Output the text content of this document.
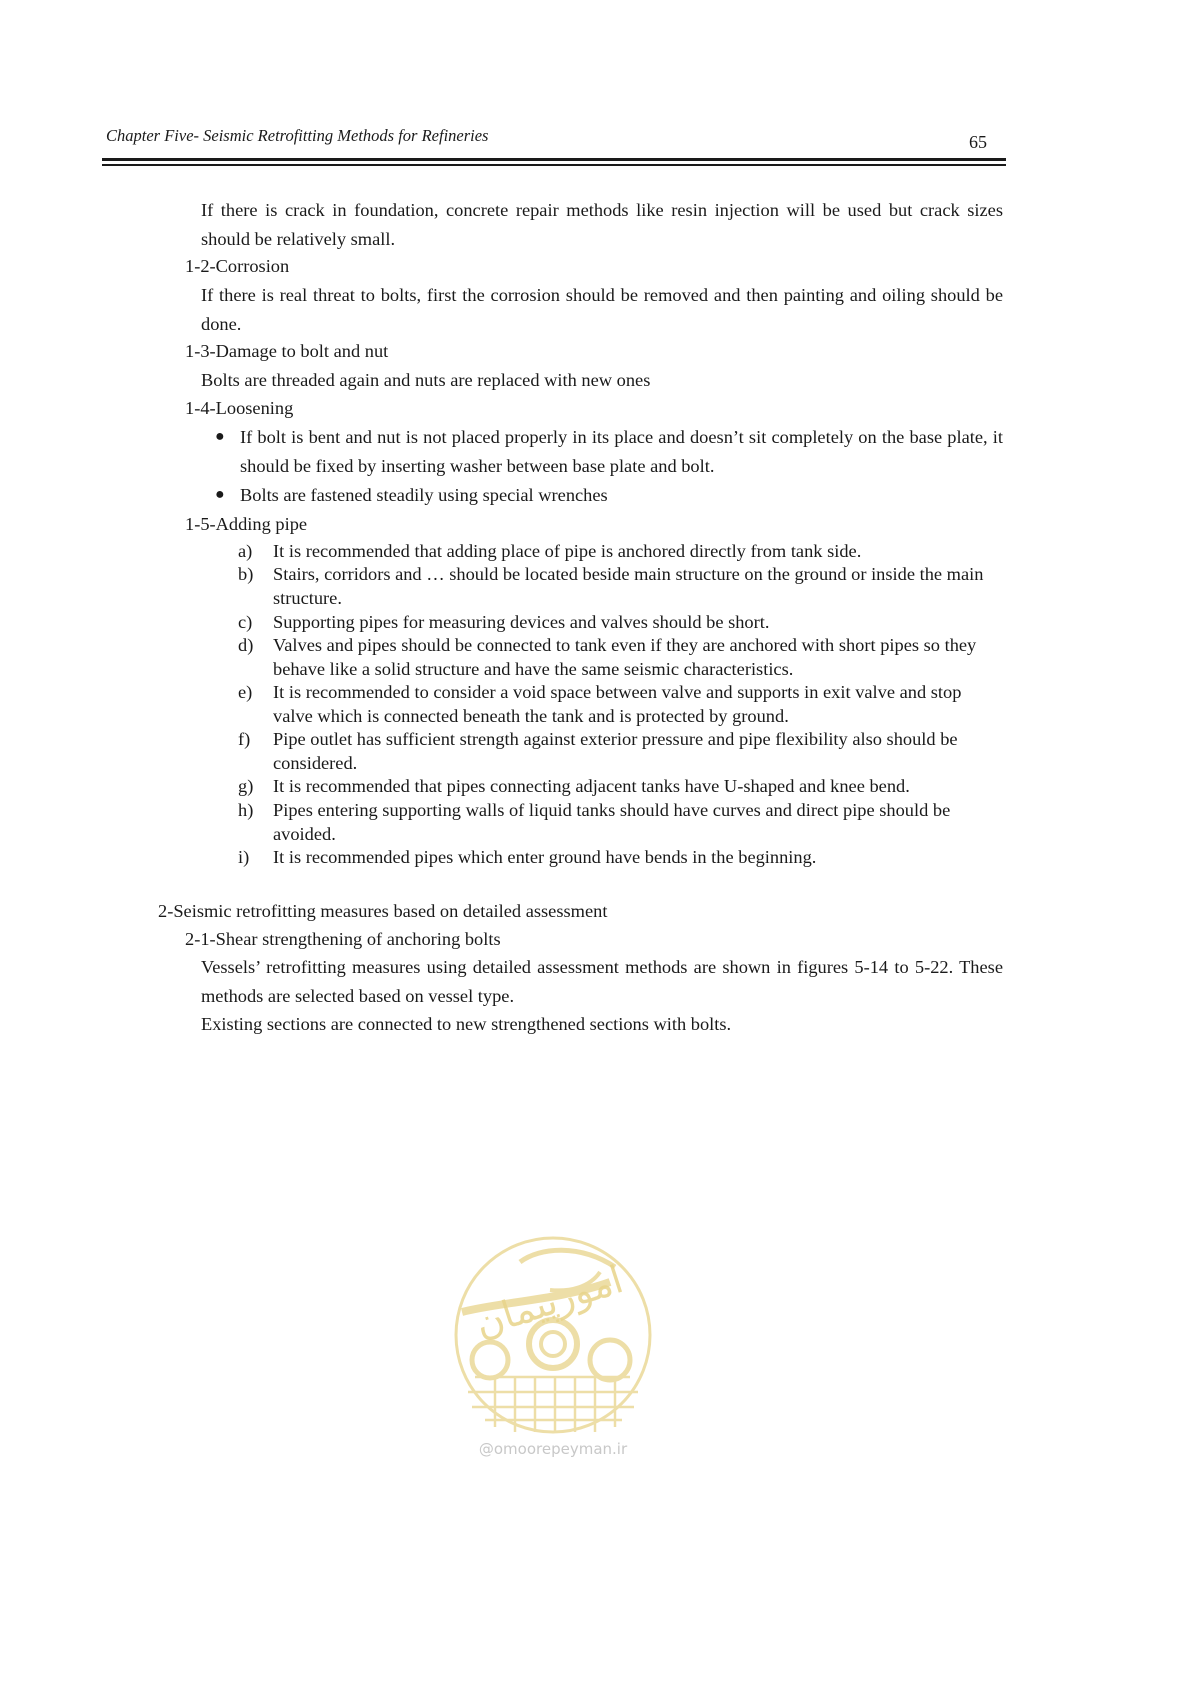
Chapter Five- Seismic Retrofitting Methods for Refineries	65
If there is crack in foundation, concrete repair methods like resin injection will be used but crack sizes should be relatively small.
1-2-Corrosion
If there is real threat to bolts, first the corrosion should be removed and then painting and oiling should be done.
1-3-Damage to bolt and nut
Bolts are threaded again and nuts are replaced with new ones
1-4-Loosening
● If bolt is bent and nut is not placed properly in its place and doesn’t sit completely on the base plate, it should be fixed by inserting washer between base plate and bolt.
● Bolts are fastened steadily using special wrenches
1-5-Adding pipe
a)	It is recommended that adding place of pipe is anchored directly from tank side.
b)	Stairs, corridors and … should be located beside main structure on the ground or inside the main structure.
c)	Supporting pipes for measuring devices and valves should be short.
d)	Valves and pipes should be connected to tank even if they are anchored with short pipes so they behave like a solid structure and have the same seismic characteristics.
e)	It is recommended to consider a void space between valve and supports in exit valve and stop valve which is connected beneath the tank and is protected by ground.
f)	Pipe outlet has sufficient strength against exterior pressure and pipe flexibility also should be considered.
g)	It is recommended that pipes connecting adjacent tanks have U-shaped and knee bend.
h)	Pipes entering supporting walls of liquid tanks should have curves and direct pipe should be avoided.
i)	It is recommended pipes which enter ground have bends in the beginning.
2-Seismic retrofitting measures based on detailed assessment
2-1-Shear strengthening of anchoring bolts
Vessels’ retrofitting measures using detailed assessment methods are shown in figures 5-14 to 5-22. These methods are selected based on vessel type.
Existing sections are connected to new strengthened sections with bolts.
امورپیمان
@omoorepeyman.ir
